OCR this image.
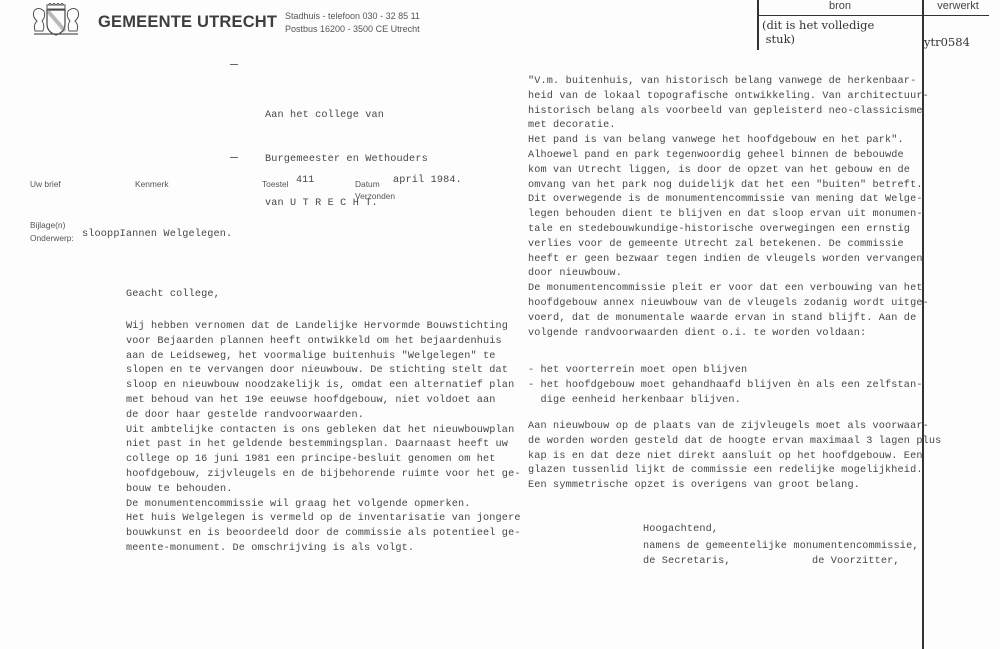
GEMEENTE UTRECHT Stadhuis - telefoon 030 - 32 85 11
Postbus 16200 - 3500 CE Utrecht
bron	verwerkt
(dit is het volledige
stuk)	ytr0584

Aan het college van

Burgemeester en Wethouders

van U T R E C H T.

Uw brief	Kenmerk	Toestel 411	Datum april 1984.
Verzonden
Bijlage(n)
Onderwerp: slooppIannen Welgelegen.
Geacht college,
Wij hebben vernomen dat de Landelijke Hervormde Bouwstichting
voor Bejaarden plannen heeft ontwikkeld om het bejaardenhuis
aan de Leidseweg, het voormalige buitenhuis "Welgelegen" te
slopen en te vervangen door nieuwbouw. De stichting stelt dat
sloop en nieuwbouw noodzakelijk is, omdat een alternatief plan
met behoud van het 19e eeuwse hoofdgebouw, niet voldoet aan
de door haar gestelde randvoorwaarden.
Uit ambtelijke contacten is ons gebleken dat het nieuwbouwplan
niet past in het geldende bestemmingsplan. Daarnaast heeft uw
college op 16 juni 1981 een principe-besluit genomen om het
hoofdgebouw, zijvleugels en de bijbehorende ruimte voor het ge-
bouw te behouden.
De monumentencommissie wil graag het volgende opmerken.
Het huis Welgelegen is vermeld op de inventarisatie van jongere
bouwkunst en is beoordeeld door de commissie als potentieel ge-
meente-monument. De omschrijving is als volgt.
"V.m. buitenhuis, van historisch belang vanwege de herkenbaar-
heid van de lokaal topografische ontwikkeling. Van architectuur-
historisch belang als voorbeeld van gepleisterd neo-classicisme
met decoratie.
Het pand is van belang vanwege het hoofdgebouw en het park".
Alhoewel pand en park tegenwoordig geheel binnen de bebouwde
kom van Utrecht liggen, is door de opzet van het gebouw en de
omvang van het park nog duidelijk dat het een "buiten" betreft.
Dit overwegende is de monumentencommissie van mening dat Welge-
legen behouden dient te blijven en dat sloop ervan uit monumen-
tale en stedebouwkundige-historische overwegingen een ernstig
verlies voor de gemeente Utrecht zal betekenen. De commissie
heeft er geen bezwaar tegen indien de vleugels worden vervangen
door nieuwbouw.
De monumentencommissie pleit er voor dat een verbouwing van het
hoofdgebouw annex nieuwbouw van de vleugels zodanig wordt uitge-
voerd, dat de monumentale waarde ervan in stand blijft. Aan de
volgende randvoorwaarden dient o.i. te worden voldaan:
- het voorterrein moet open blijven
- het hoofdgebouw moet gehandhaafd blijven èn als een zelfstan-
dige eenheid herkenbaar blijven.
Aan nieuwbouw op de plaats van de zijvleugels moet als voorwaar-
de worden worden gesteld dat de hoogte ervan maximaal 3 lagen plus
kap is en dat deze niet direkt aansluit op het hoofdgebouw. Een
glazen tussenlid lijkt de commissie een redelijke mogelijkheid.
Een symmetrische opzet is overigens van groot belang.
Hoogachtend,
namens de gemeentelijke monumentencommissie,
de Secretaris,	de Voorzitter,
